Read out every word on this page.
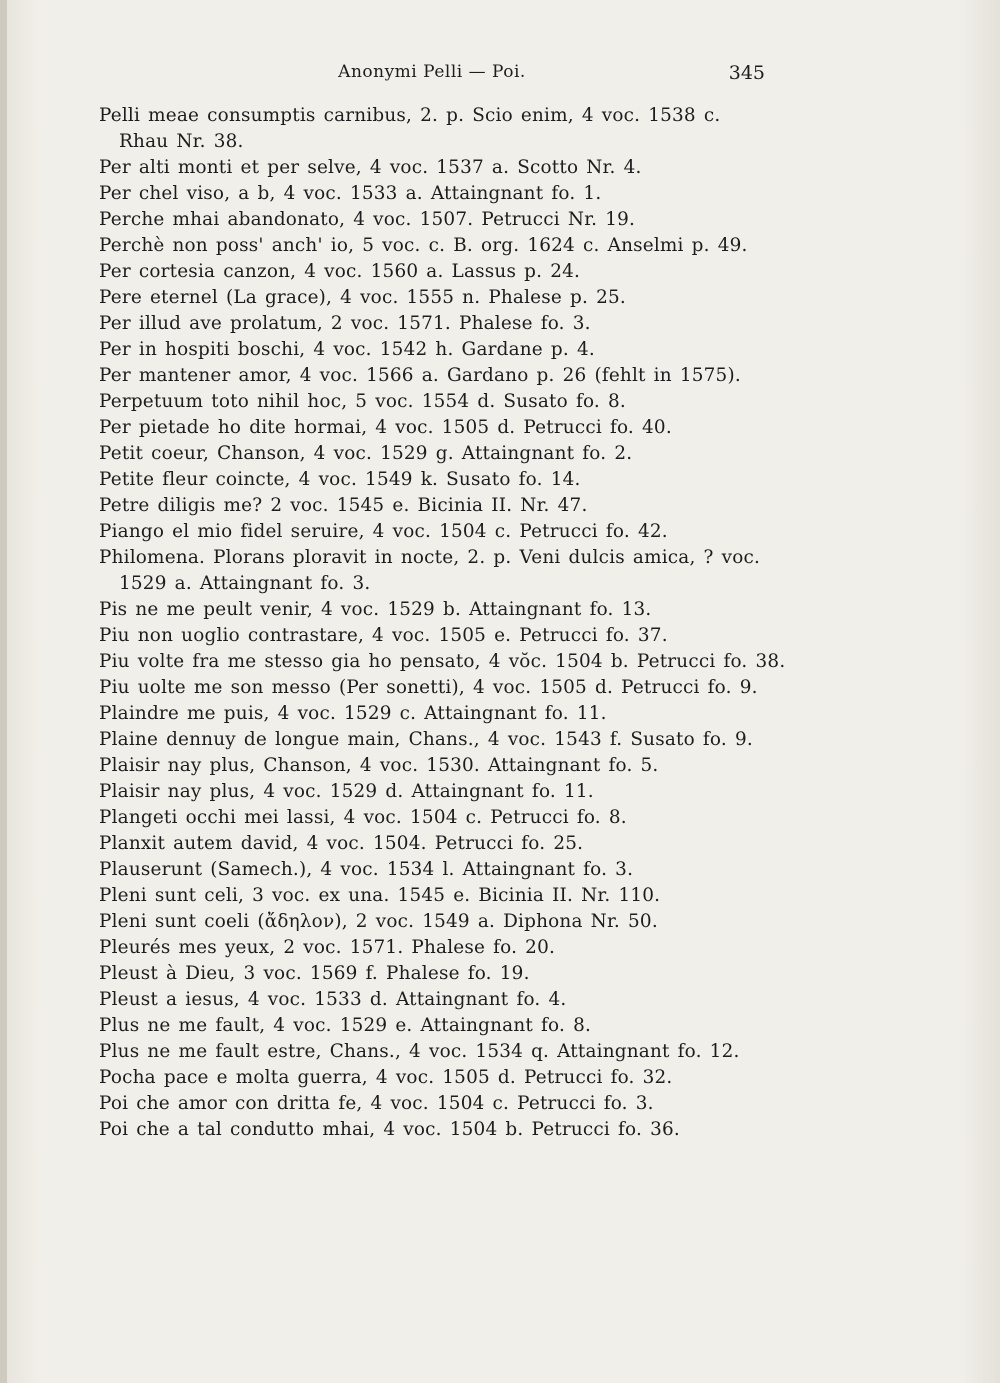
Anonymi Pelli — Poi.	345
Pelli meae consumptis carnibus, 2. p. Scio enim, 4 voc. 1538 c.
Rhau Nr. 38.
Per alti monti et per selve, 4 voc. 1537 a. Scotto Nr. 4.
Per chel viso, a b, 4 voc. 1533 a. Attaingnant fo. 1.
Perche mhai abandonato, 4 voc. 1507. Petrucci Nr. 19.
Perchè non poss' anch' io, 5 voc. c. B. org. 1624 c. Anselmi p. 49.
Per cortesia canzon, 4 voc. 1560 a. Lassus p. 24.
Pere eternel (La grace), 4 voc. 1555 n. Phalese p. 25.
Per illud ave prolatum, 2 voc. 1571. Phalese fo. 3.
Per in hospiti boschi, 4 voc. 1542 h. Gardane p. 4.
Per mantener amor, 4 voc. 1566 a. Gardano p. 26 (fehlt in 1575).
Perpetuum toto nihil hoc, 5 voc. 1554 d. Susato fo. 8.
Per pietade ho dite hormai, 4 voc. 1505 d. Petrucci fo. 40.
Petit coeur, Chanson, 4 voc. 1529 g. Attaingnant fo. 2.
Petite fleur coincte, 4 voc. 1549 k. Susato fo. 14.
Petre diligis me? 2 voc. 1545 e. Bicinia II. Nr. 47.
Piango el mio fidel seruire, 4 voc. 1504 c. Petrucci fo. 42.
Philomena. Plorans ploravit in nocte, 2. p. Veni dulcis amica, ? voc.
1529 a. Attaingnant fo. 3.
Pis ne me peult venir, 4 voc. 1529 b. Attaingnant fo. 13.
Piu non uoglio contrastare, 4 voc. 1505 e. Petrucci fo. 37.
Piu volte fra me stesso gia ho pensato, 4 vŏc. 1504 b. Petrucci fo. 38.
Piu uolte me son messo (Per sonetti), 4 voc. 1505 d. Petrucci fo. 9.
Plaindre me puis, 4 voc. 1529 c. Attaingnant fo. 11.
Plaine dennuy de longue main, Chans., 4 voc. 1543 f. Susato fo. 9.
Plaisir nay plus, Chanson, 4 voc. 1530. Attaingnant fo. 5.
Plaisir nay plus, 4 voc. 1529 d. Attaingnant fo. 11.
Plangeti occhi mei lassi, 4 voc. 1504 c. Petrucci fo. 8.
Planxit autem david, 4 voc. 1504. Petrucci fo. 25.
Plauserunt (Samech.), 4 voc. 1534 l. Attaingnant fo. 3.
Pleni sunt celi, 3 voc. ex una. 1545 e. Bicinia II. Nr. 110.
Pleni sunt coeli (ἄδηλον), 2 voc. 1549 a. Diphona Nr. 50.
Pleurés mes yeux, 2 voc. 1571. Phalese fo. 20.
Pleust à Dieu, 3 voc. 1569 f. Phalese fo. 19.
Pleust a iesus, 4 voc. 1533 d. Attaingnant fo. 4.
Plus ne me fault, 4 voc. 1529 e. Attaingnant fo. 8.
Plus ne me fault estre, Chans., 4 voc. 1534 q. Attaingnant fo. 12.
Pocha pace e molta guerra, 4 voc. 1505 d. Petrucci fo. 32.
Poi che amor con dritta fe, 4 voc. 1504 c. Petrucci fo. 3.
Poi che a tal condutto mhai, 4 voc. 1504 b. Petrucci fo. 36.
